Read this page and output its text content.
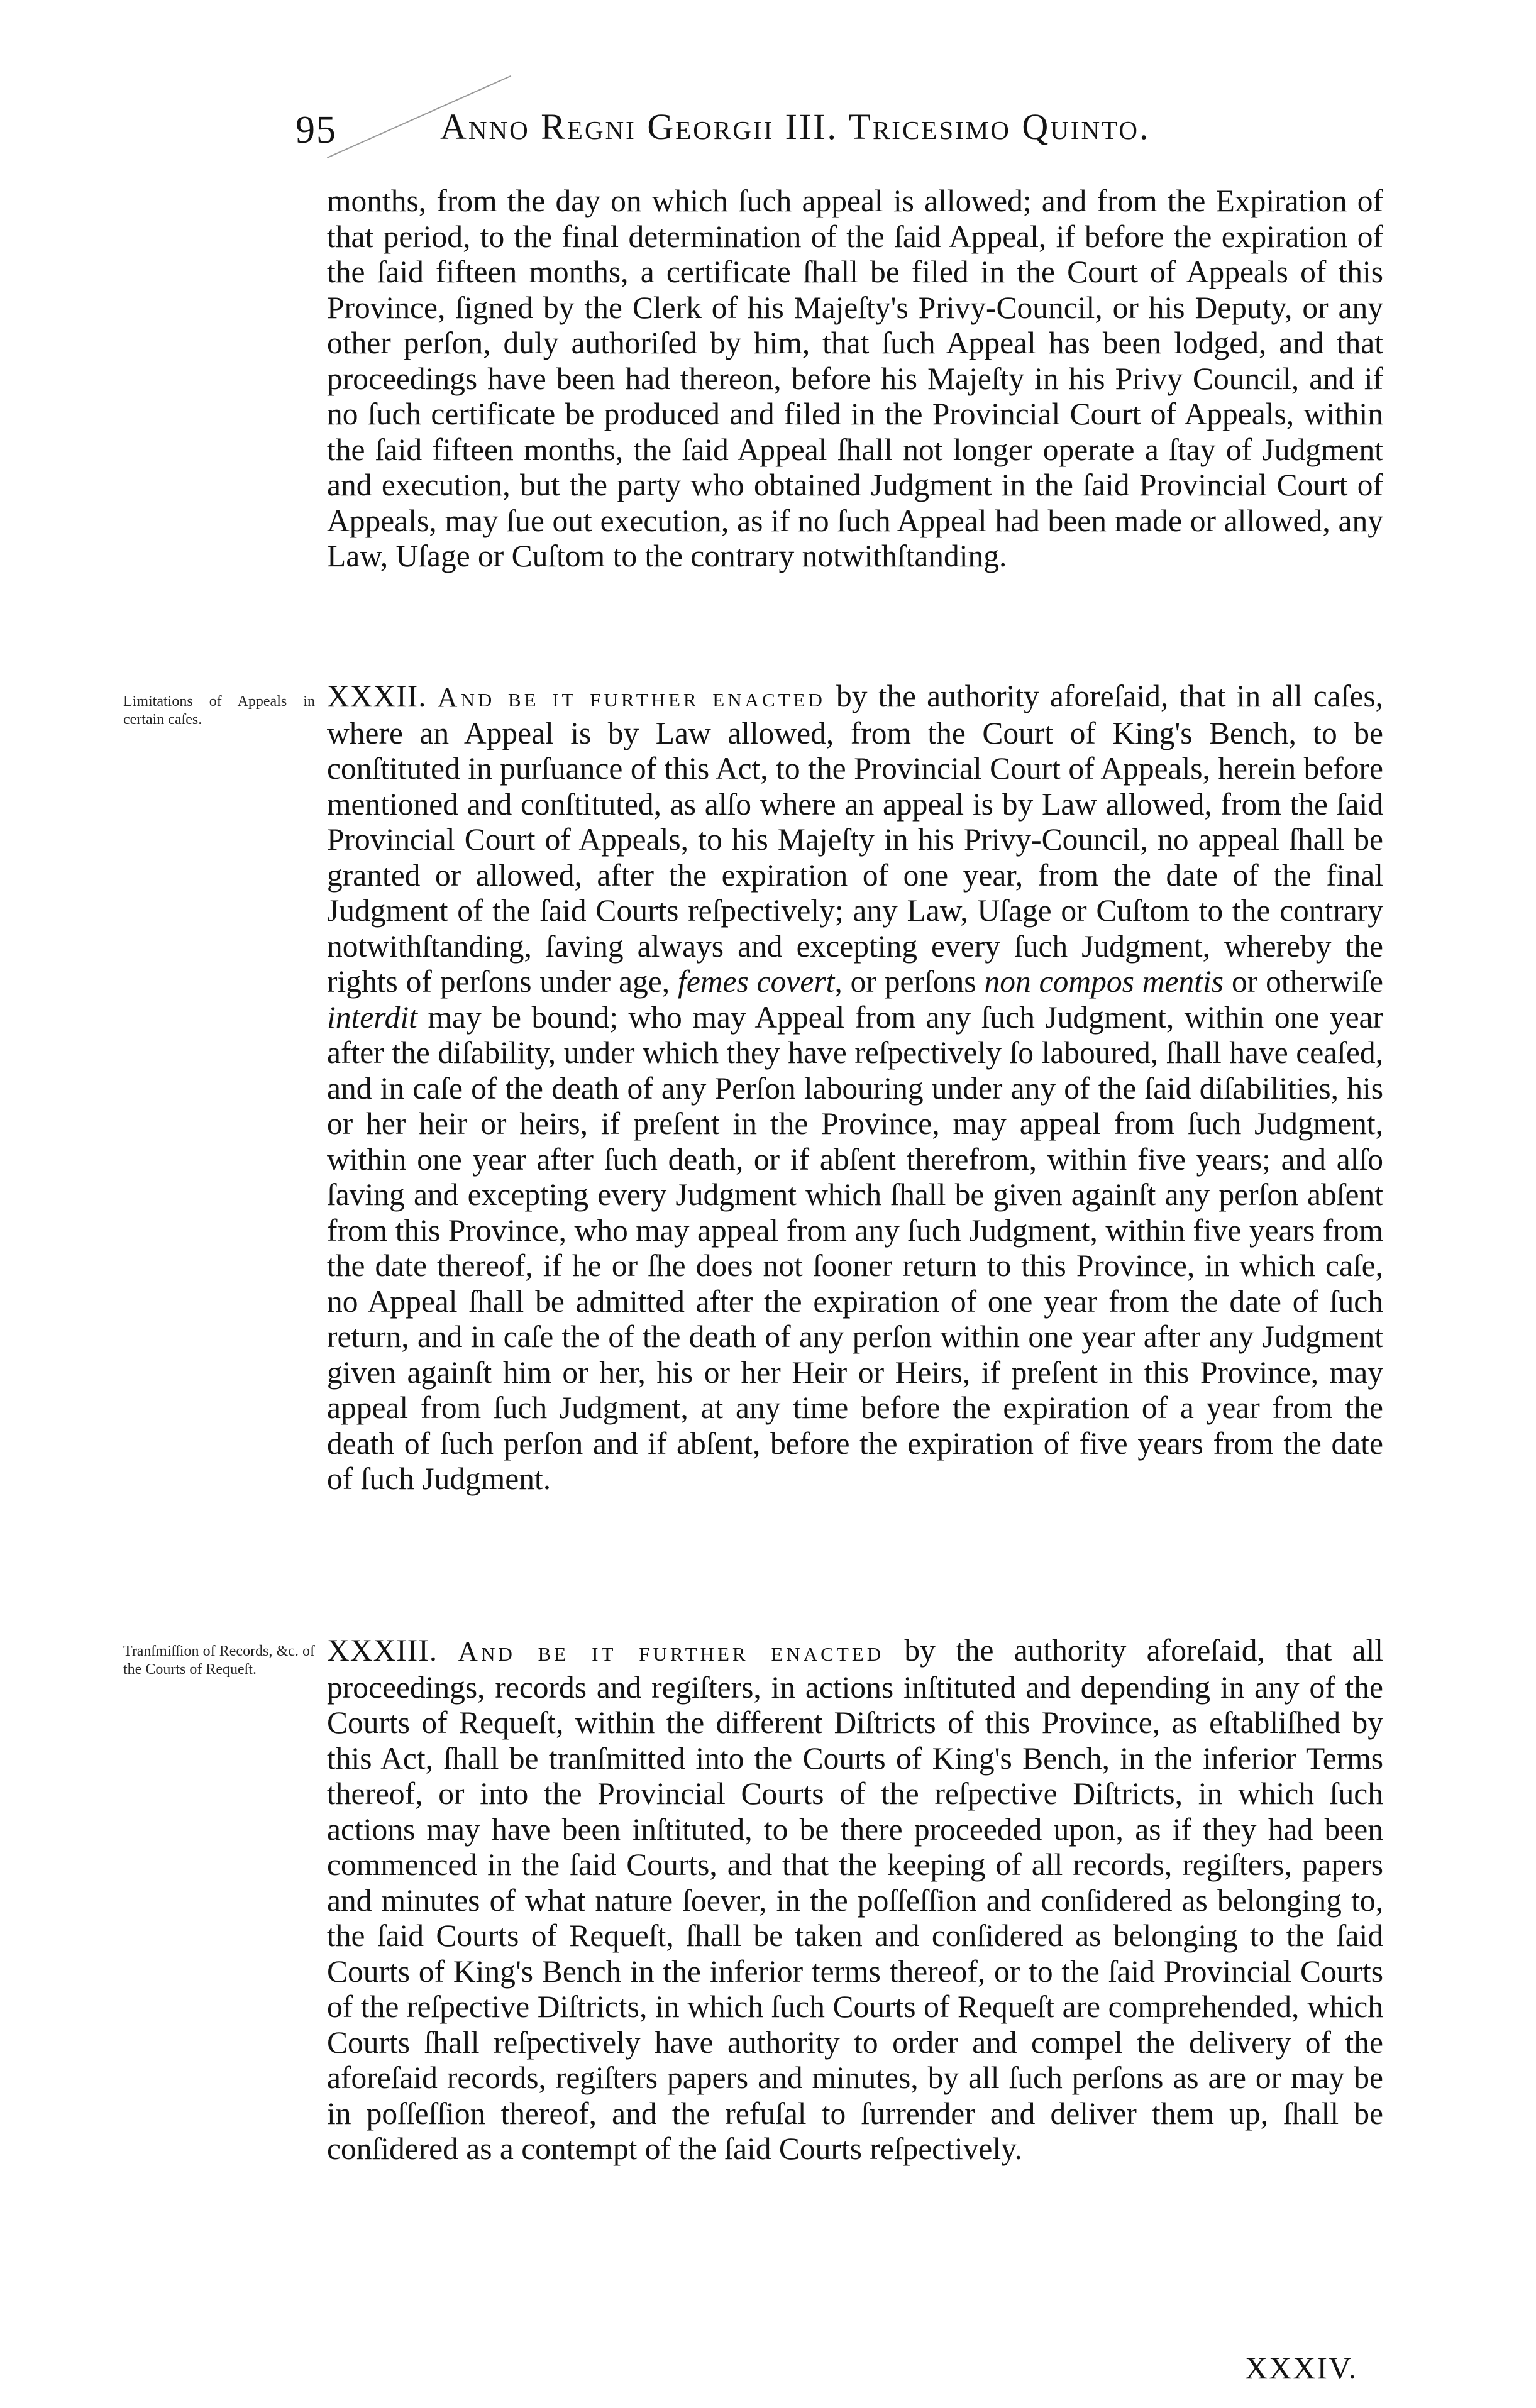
95	Anno Regni Georgii III. Tricesimo Quinto.
months, from the day on which ſuch appeal is allowed; and from the Expiration of that period, to the final determination of the ſaid Appeal, if before the expiration of the ſaid fifteen months, a certificate ſhall be filed in the Court of Appeals of this Province, ſigned by the Clerk of his Majeſty's Privy-Council, or his Deputy, or any other perſon, duly authoriſed by him, that ſuch Appeal has been lodged, and that proceedings have been had thereon, before his Majeſty in his Privy Council, and if no ſuch certificate be produced and filed in the Provincial Court of Appeals, within the ſaid fifteen months, the ſaid Appeal ſhall not longer operate a ſtay of Judgment and execution, but the party who obtained Judgment in the ſaid Provincial Court of Appeals, may ſue out execution, as if no ſuch Appeal had been made or allowed, any Law, Uſage or Cuſtom to the contrary notwithſtanding.
Limitations of Appeals in certain caſes.
XXXII. And be it further enacted by the authority aforeſaid, that in all caſes, where an Appeal is by Law allowed, from the Court of King's Bench, to be conſtituted in purſuance of this Act, to the Provincial Court of Appeals, herein before mentioned and conſtituted, as alſo where an appeal is by Law allowed, from the ſaid Provincial Court of Appeals, to his Majeſty in his Privy-Council, no appeal ſhall be granted or allowed, after the expiration of one year, from the date of the final Judgment of the ſaid Courts reſpectively; any Law, Uſage or Cuſtom to the contrary notwithſtanding, ſaving always and excepting every ſuch Judgment, whereby the rights of perſons under age, femes covert, or perſons non compos mentis or otherwiſe interdit may be bound; who may Appeal from any ſuch Judgment, within one year after the diſability, under which they have reſpectively ſo laboured, ſhall have ceaſed, and in caſe of the death of any Perſon labouring under any of the ſaid diſabilities, his or her heir or heirs, if preſent in the Province, may appeal from ſuch Judgment, within one year after ſuch death, or if abſent therefrom, within five years; and alſo ſaving and excepting every Judgment which ſhall be given againſt any perſon abſent from this Province, who may appeal from any ſuch Judgment, within five years from the date thereof, if he or ſhe does not ſooner return to this Province, in which caſe, no Appeal ſhall be admitted after the expiration of one year from the date of ſuch return, and in caſe the of the death of any perſon within one year after any Judgment given againſt him or her, his or her Heir or Heirs, if preſent in this Province, may appeal from ſuch Judgment, at any time before the expiration of a year from the death of ſuch perſon and if abſent, before the expiration of five years from the date of ſuch Judgment.
Tranſmiſſion of Records, &c. of the Courts of Requeſt.
XXXIII. And be it further enacted by the authority aforeſaid, that all proceedings, records and regiſters, in actions inſtituted and depending in any of the Courts of Requeſt, within the different Diſtricts of this Province, as eſtabliſhed by this Act, ſhall be tranſmitted into the Courts of King's Bench, in the inferior Terms thereof, or into the Provincial Courts of the reſpective Diſtricts, in which ſuch actions may have been inſtituted, to be there proceeded upon, as if they had been commenced in the ſaid Courts, and that the keeping of all records, regiſters, papers and minutes of what nature ſoever, in the poſſeſſion and conſidered as belonging to, the ſaid Courts of Requeſt, ſhall be taken and conſidered as belonging to the ſaid Courts of King's Bench in the inferior terms thereof, or to the ſaid Provincial Courts of the reſpective Diſtricts, in which ſuch Courts of Requeſt are comprehended, which Courts ſhall reſpectively have authority to order and compel the delivery of the aforeſaid records, regiſters papers and minutes, by all ſuch perſons as are or may be in poſſeſſion thereof, and the refuſal to ſurrender and deliver them up, ſhall be conſidered as a contempt of the ſaid Courts reſpectively.
XXXIV.
